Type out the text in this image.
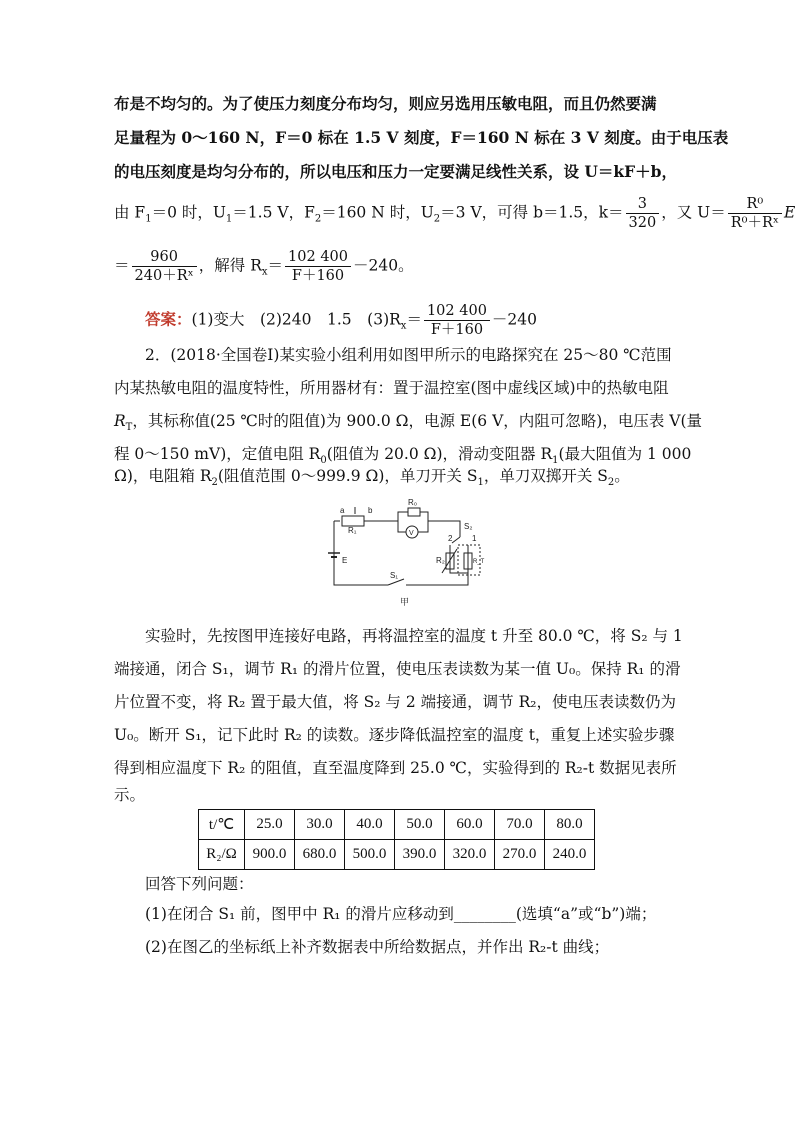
布是不均匀的。为了使压力刻度分布均匀，则应另选用压敏电阻，而且仍然要满
足量程为 0～160 N，F＝0 标在 1.5 V 刻度，F＝160 N 标在 3 V 刻度。由于电压表
的电压刻度是均匀分布的，所以电压和压力一定要满足线性关系，设 U＝kF＋b，
由 $F_1=0$ 时，$U_1=1.5$ V，$F_2=160$ N 时，$U_2=3$ V，可得 b＝1.5，$k= \frac{3}{320}$ ，又 $U= \frac{\text{R⁰}}{\text{R⁰＋Rˣ}}$ E
＝ $\frac{960}{\text{240＋Rˣ}}$ ，解得 $R_x= \frac{102 400}{F+160} -240$。
答案：(1)变大　(2)240　1.5　$(3)R_x= \frac{102 400}{F+160} -240$
2．(2018·全国卷Ⅰ)某实验小组利用如图甲所示的电路探究在 25～80 ℃范围
内某热敏电阻的温度特性，所用器材有：置于温控室(图中虚线区域)中的热敏电阻
$R_T$，其标称值(25 ℃时的阻值)为 900.0 Ω，电源 E(6 V，内阻可忽略)，电压表 V(量
程 0～150 mV)，定值电阻 $R_0$(阻值为 20.0 Ω)，滑动变阻器 $R_1$(最大阻值为 1 000
Ω)，电阻箱 $R_2$(阻值范围 0～999.9 Ω)，单刀开关 $S_1$，单刀双掷开关 $S_2$。
a	b
R₁
R₀
V
S₂
2 1
R₂	R_T
E
S₁
甲
实验时，先按图甲连接好电路，再将温控室的温度 t 升至 80.0 ℃，将 S₂ 与 1
端接通，闭合 S₁，调节 R₁ 的滑片位置，使电压表读数为某一值 U₀。保持 R₁ 的滑
片位置不变，将 R₂ 置于最大值，将 S₂ 与 2 端接通，调节 R₂，使电压表读数仍为
U₀。断开 S₁，记下此时 R₂ 的读数。逐步降低温控室的温度 t，重复上述实验步骤
得到相应温度下 R₂ 的阻值，直至温度降到 25.0 ℃，实验得到的 R₂-t 数据见表所
示。
t/℃	25.0	30.0	40.0	50.0	60.0	70.0	80.0
R₂/Ω	900.0	680.0	500.0	390.0	320.0	270.0	240.0
回答下列问题：
(1)在闭合 S₁ 前，图甲中 R₁ 的滑片应移动到________(选填“a”或“b”)端；
(2)在图乙的坐标纸上补齐数据表中所给数据点，并作出 R₂-t 曲线；
